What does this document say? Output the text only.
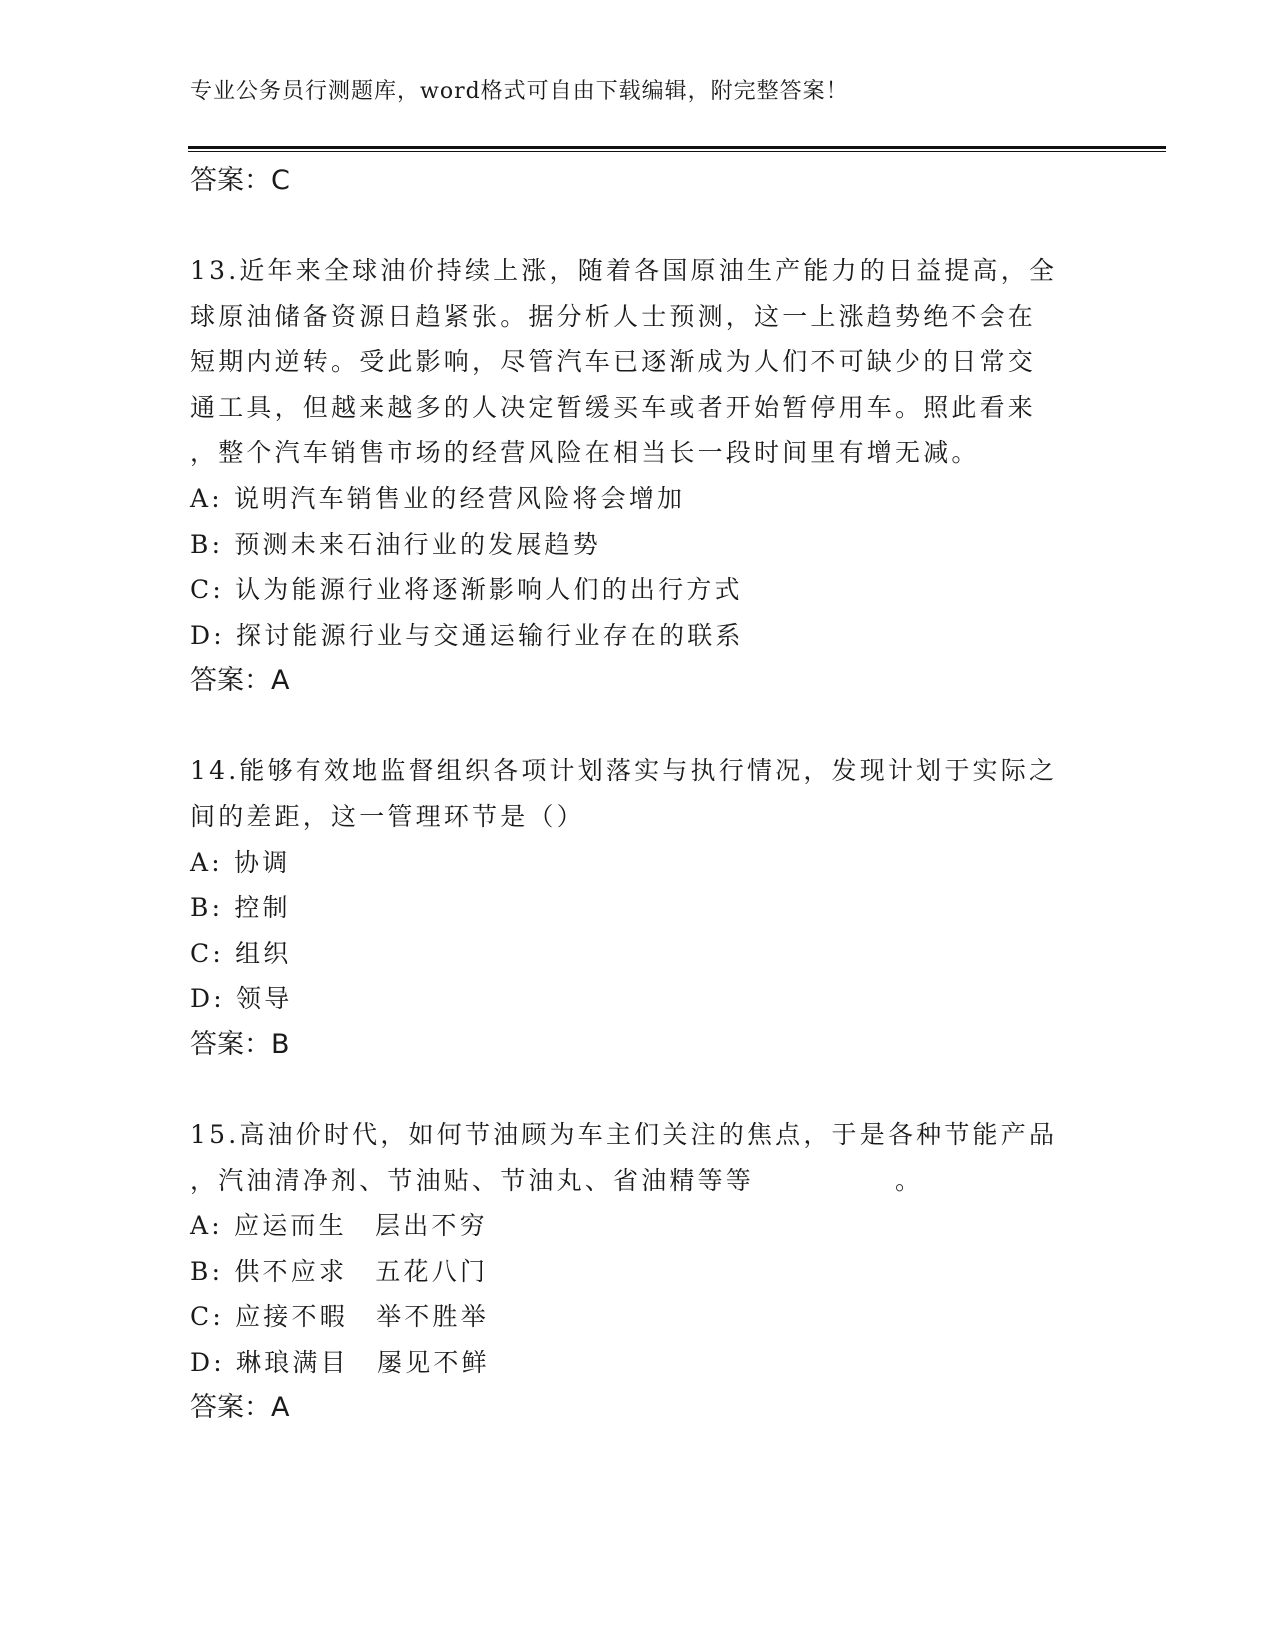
专业公务员行测题库，word格式可自由下载编辑，附完整答案！
答案：C
13.近年来全球油价持续上涨，随着各国原油生产能力的日益提高，全
球原油储备资源日趋紧张。据分析人士预测，这一上涨趋势绝不会在
短期内逆转。受此影响，尽管汽车已逐渐成为人们不可缺少的日常交
通工具，但越来越多的人决定暂缓买车或者开始暂停用车。照此看来
，整个汽车销售市场的经营风险在相当长一段时间里有增无减。
A: 说明汽车销售业的经营风险将会增加
B: 预测未来石油行业的发展趋势
C: 认为能源行业将逐渐影响人们的出行方式
D: 探讨能源行业与交通运输行业存在的联系
答案：A
14.能够有效地监督组织各项计划落实与执行情况，发现计划于实际之
间的差距，这一管理环节是（）
A: 协调
B: 控制
C: 组织
D: 领导
答案：B
15.高油价时代，如何节油顾为车主们关注的焦点，于是各种节能产品
，汽油清净剂、节油贴、节油丸、省油精等等　　　　　。
A: 应运而生　层出不穷
B: 供不应求　五花八门
C: 应接不暇　举不胜举
D: 琳琅满目　屡见不鲜
答案：A
